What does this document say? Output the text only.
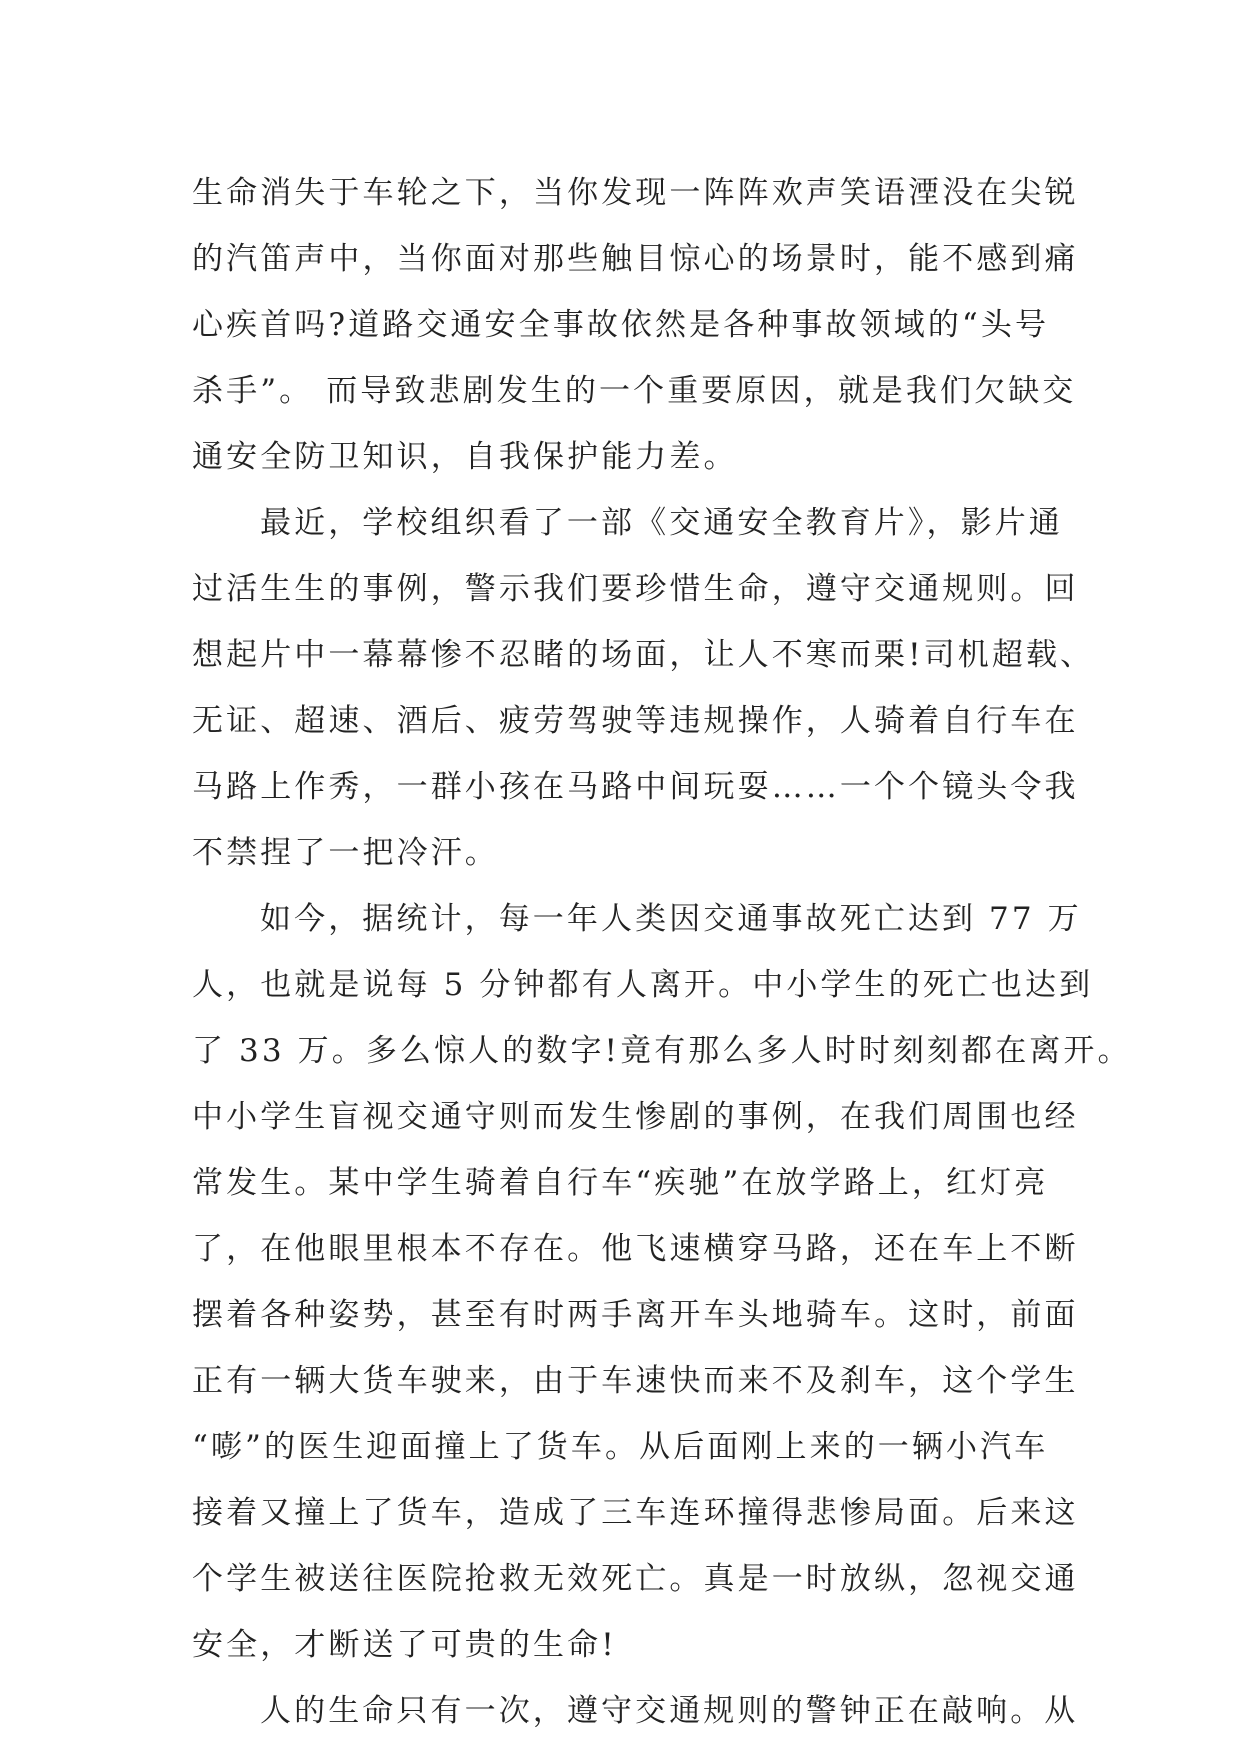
生命消失于车轮之下，当你发现一阵阵欢声笑语湮没在尖锐
的汽笛声中，当你面对那些触目惊心的场景时，能不感到痛
心疾首吗?道路交通安全事故依然是各种事故领域的“头号
杀手”。 而导致悲剧发生的一个重要原因，就是我们欠缺交
通安全防卫知识，自我保护能力差。
最近，学校组织看了一部《交通安全教育片》，影片通
过活生生的事例，警示我们要珍惜生命，遵守交通规则。回
想起片中一幕幕惨不忍睹的场面，让人不寒而栗!司机超载、
无证、超速、酒后、疲劳驾驶等违规操作，人骑着自行车在
马路上作秀，一群小孩在马路中间玩耍……一个个镜头令我
不禁捏了一把冷汗。
如今，据统计，每一年人类因交通事故死亡达到 77 万
人，也就是说每 5 分钟都有人离开。中小学生的死亡也达到
了 33 万。多么惊人的数字!竟有那么多人时时刻刻都在离开。
中小学生盲视交通守则而发生惨剧的事例，在我们周围也经
常发生。某中学生骑着自行车“疾驰”在放学路上，红灯亮
了，在他眼里根本不存在。他飞速横穿马路，还在车上不断
摆着各种姿势，甚至有时两手离开车头地骑车。这时，前面
正有一辆大货车驶来，由于车速快而来不及刹车，这个学生
“嘭”的医生迎面撞上了货车。从后面刚上来的一辆小汽车
接着又撞上了货车，造成了三车连环撞得悲惨局面。后来这
个学生被送往医院抢救无效死亡。真是一时放纵，忽视交通
安全，才断送了可贵的生命!
人的生命只有一次，遵守交通规则的警钟正在敲响。从
